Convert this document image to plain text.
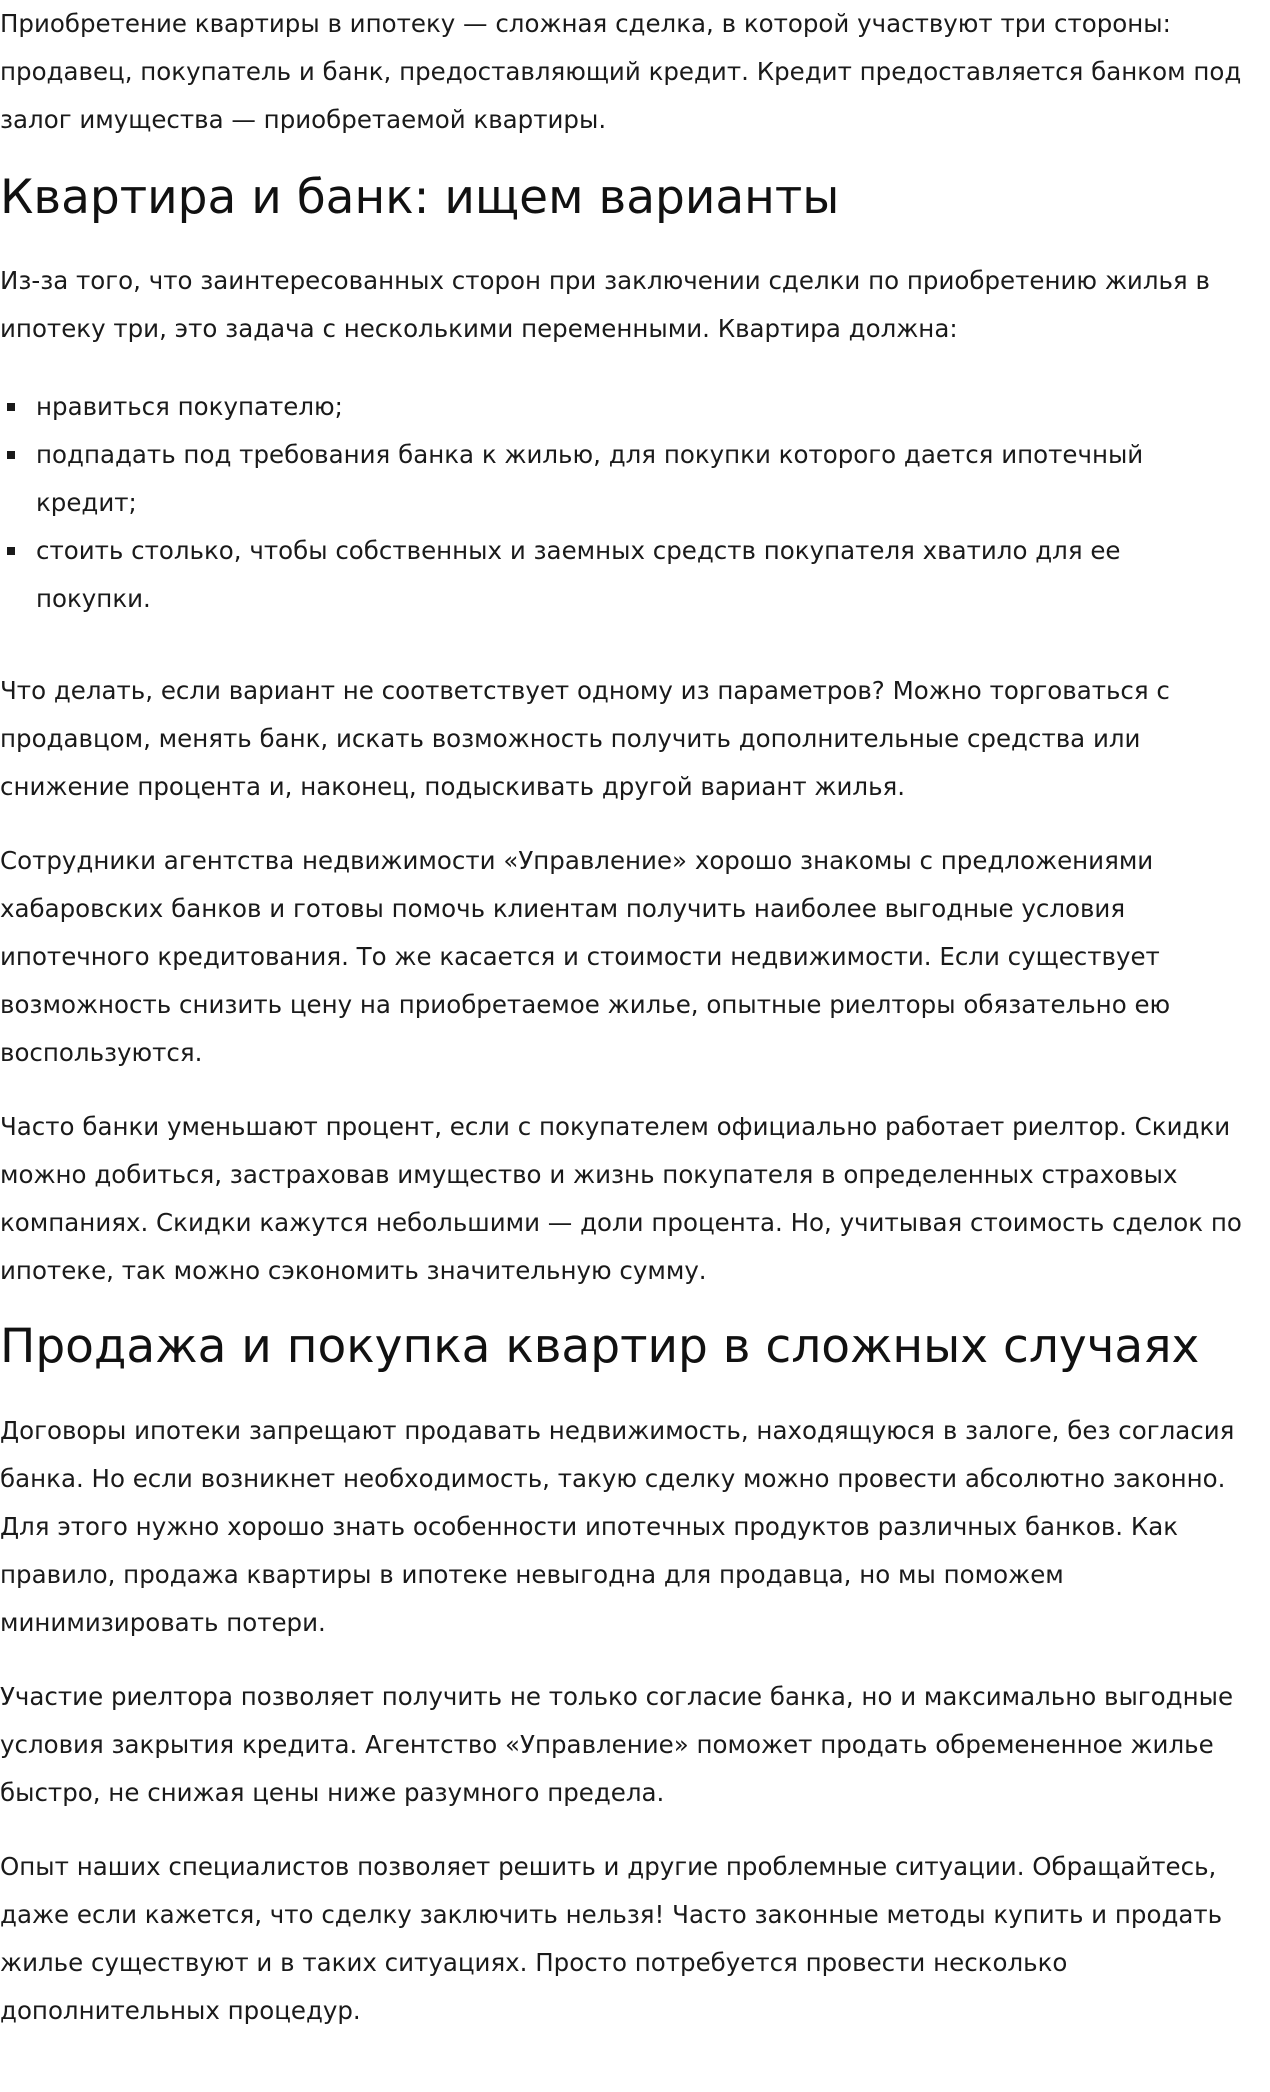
Приобретение квартиры в ипотеку — сложная сделка, в которой участвуют три стороны: продавец, покупатель и банк, предоставляющий кредит. Кредит предоставляется банком под залог имущества — приобретаемой квартиры.

Квартира и банк: ищем варианты

Из-за того, что заинтересованных сторон при заключении сделки по приобретению жилья в ипотеку три, это задача с несколькими переменными. Квартира должна:

нравиться покупателю;
подпадать под требования банка к жилью, для покупки которого дается ипотечный кредит;
стоить столько, чтобы собственных и заемных средств покупателя хватило для ее покупки.

Что делать, если вариант не соответствует одному из параметров? Можно торговаться с продавцом, менять банк, искать возможность получить дополнительные средства или снижение процента и, наконец, подыскивать другой вариант жилья.

Сотрудники агентства недвижимости «Управление» хорошо знакомы с предложениями хабаровских банков и готовы помочь клиентам получить наиболее выгодные условия ипотечного кредитования. То же касается и стоимости недвижимости. Если существует возможность снизить цену на приобретаемое жилье, опытные риелторы обязательно ею воспользуются.

Часто банки уменьшают процент, если с покупателем официально работает риелтор. Скидки можно добиться, застраховав имущество и жизнь покупателя в определенных страховых компаниях. Скидки кажутся небольшими — доли процента. Но, учитывая стоимость сделок по ипотеке, так можно сэкономить значительную сумму.

Продажа и покупка квартир в сложных случаях

Договоры ипотеки запрещают продавать недвижимость, находящуюся в залоге, без согласия банка. Но если возникнет необходимость, такую сделку можно провести абсолютно законно. Для этого нужно хорошо знать особенности ипотечных продуктов различных банков. Как правило, продажа квартиры в ипотеке невыгодна для продавца, но мы поможем минимизировать потери.

Участие риелтора позволяет получить не только согласие банка, но и максимально выгодные условия закрытия кредита. Агентство «Управление» поможет продать обремененное жилье быстро, не снижая цены ниже разумного предела.

Опыт наших специалистов позволяет решить и другие проблемные ситуации. Обращайтесь, даже если кажется, что сделку заключить нельзя! Часто законные методы купить и продать жилье существуют и в таких ситуациях. Просто потребуется провести несколько дополнительных процедур.
